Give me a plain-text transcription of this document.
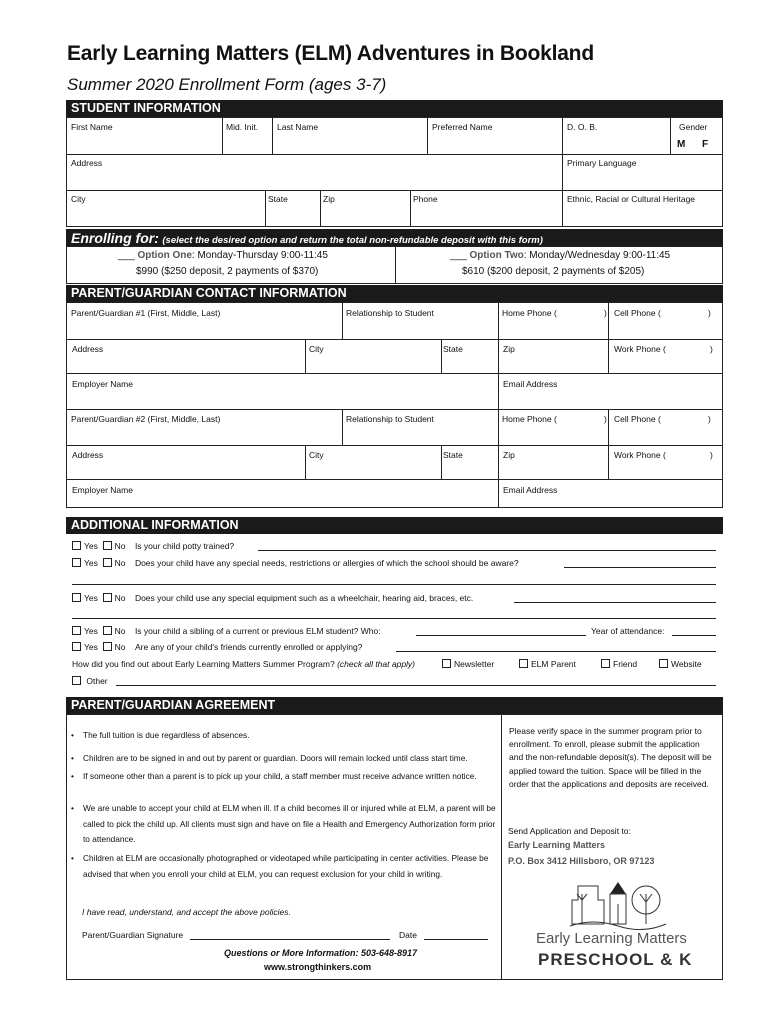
Early Learning Matters (ELM) Adventures in Bookland
Summer 2020 Enrollment Form (ages 3-7)
STUDENT INFORMATION
First Name	Mid. Init. Last Name	Preferred Name	D. O. B.	Gender
M F
Address	Primary Language
City	State	Zip	Phone	Ethnic, Racial or Cultural Heritage
Enrolling for: (select the desired option and return the total non-refundable deposit with this form)
___ Option One: Monday-Thursday 9:00-11:45
$990 ($250 deposit, 2 payments of $370)
___ Option Two: Monday/Wednesday 9:00-11:45
$610 ($200 deposit, 2 payments of $205)
PARENT/GUARDIAN CONTACT INFORMATION
Parent/Guardian #1 (First, Middle, Last)	Relationship to Student	Home Phone (	) Cell Phone (	)
Address	City	State	Zip	Work Phone (	)
Employer Name	Email Address
Parent/Guardian #2 (First, Middle, Last)	Relationship to Student	Home Phone (	) Cell Phone (	)
Address	City	State	Zip	Work Phone (	)
Employer Name	Email Address
ADDITIONAL INFORMATION
Yes No Is your child potty trained?
Yes No Does your child have any special needs, restrictions or allergies of which the school should be aware?
Yes No Does your child use any special equipment such as a wheelchair, hearing aid, braces, etc.
Yes No Is your child a sibling of a current or previous ELM student? Who:	Year of attendance:
Yes No Are any of your child's friends currently enrolled or applying?
How did you find out about Early Learning Matters Summer Program? (check all that apply)	Newsletter	ELM Parent	Friend	Website
Other
PARENT/GUARDIAN AGREEMENT
• The full tuition is due regardless of absences.
• Children are to be signed in and out by parent or guardian. Doors will remain locked until class start time.
• If someone other than a parent is to pick up your child, a staff member must receive advance written notice.
• We are unable to accept your child at ELM when ill. If a child becomes ill or injured while at ELM, a parent will be called to pick the child up. All clients must sign and have on file a Health and Emergency Authorization form prior to attendance.
• Children at ELM are occasionally photographed or videotaped while participating in center activities. Please be advised that when you enroll your child at ELM, you can request exclusion for your child in writing.
I have read, understand, and accept the above policies.
Parent/Guardian Signature	Date
Questions or More Information: 503-648-8917
www.strongthinkers.com
Please verify space in the summer program prior to enrollment. To enroll, please submit the application and the non-refundable deposit(s). The deposit will be applied toward the tuition. Space will be filled in the order that the applications and deposits are received.
Send Application and Deposit to:
Early Learning Matters
P.O. Box 3412 Hillsboro, OR 97123
Early Learning Matters
PRESCHOOL & K
